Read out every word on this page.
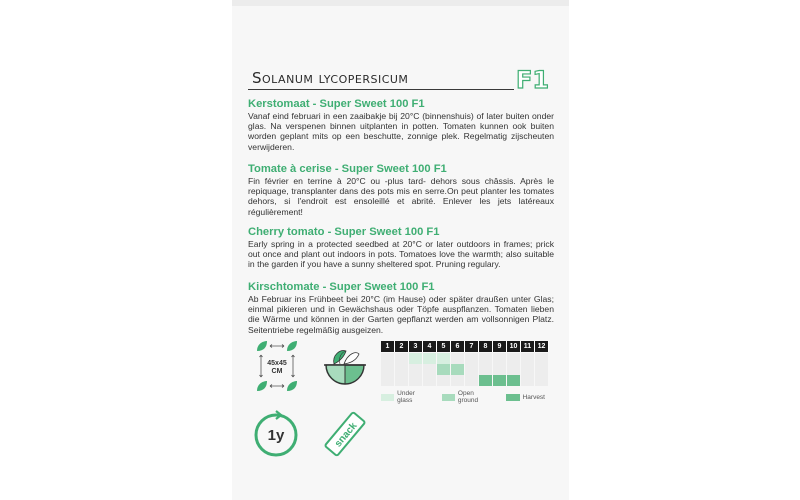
Solanum lycopersicum	F1
Kerstomaat - Super Sweet 100 F1

Vanaf eind februari in een zaaibakje bij 20°C (binnenshuis) of later buiten onder glas. Na verspenen binnen uitplanten in potten. Tomaten kunnen ook buiten worden geplant mits op een beschutte, zonnige plek. Regelmatig zijscheuten verwijderen.

Tomate à cerise - Super Sweet 100 F1

Fin février en terrine à 20°C ou -plus tard- dehors sous châssis. Après le repiquage, transplanter dans des pots mis en serre.On peut planter les tomates dehors, si l'endroit est ensoleillé et abrité. Enlever les jets latéreaux régulièrement!

Cherry tomato - Super Sweet 100 F1

Early spring in a protected seedbed at 20°C or later outdoors in frames; prick out once and plant out indoors in pots. Tomatoes love the warmth; also suitable in the garden if you have a sunny sheltered spot. Pruning regulary.

Kirschtomate - Super Sweet 100 F1

Ab Februar ins Frühbeet bei 20°C (im Hause) oder später draußen unter Glas; einmal pikieren und in Gewächshaus oder Töpfe auspflanzen. Tomaten lieben die Wärme und können in der Garten gepflanzt werden am vollsonnigen Platz. Seitentriebe regelmäßig ausgeizen.

45x45 CM
1	2	3	4	5	6	7	8	9	10 11 12
Under glass
Open ground	Harvest
1y	snack
